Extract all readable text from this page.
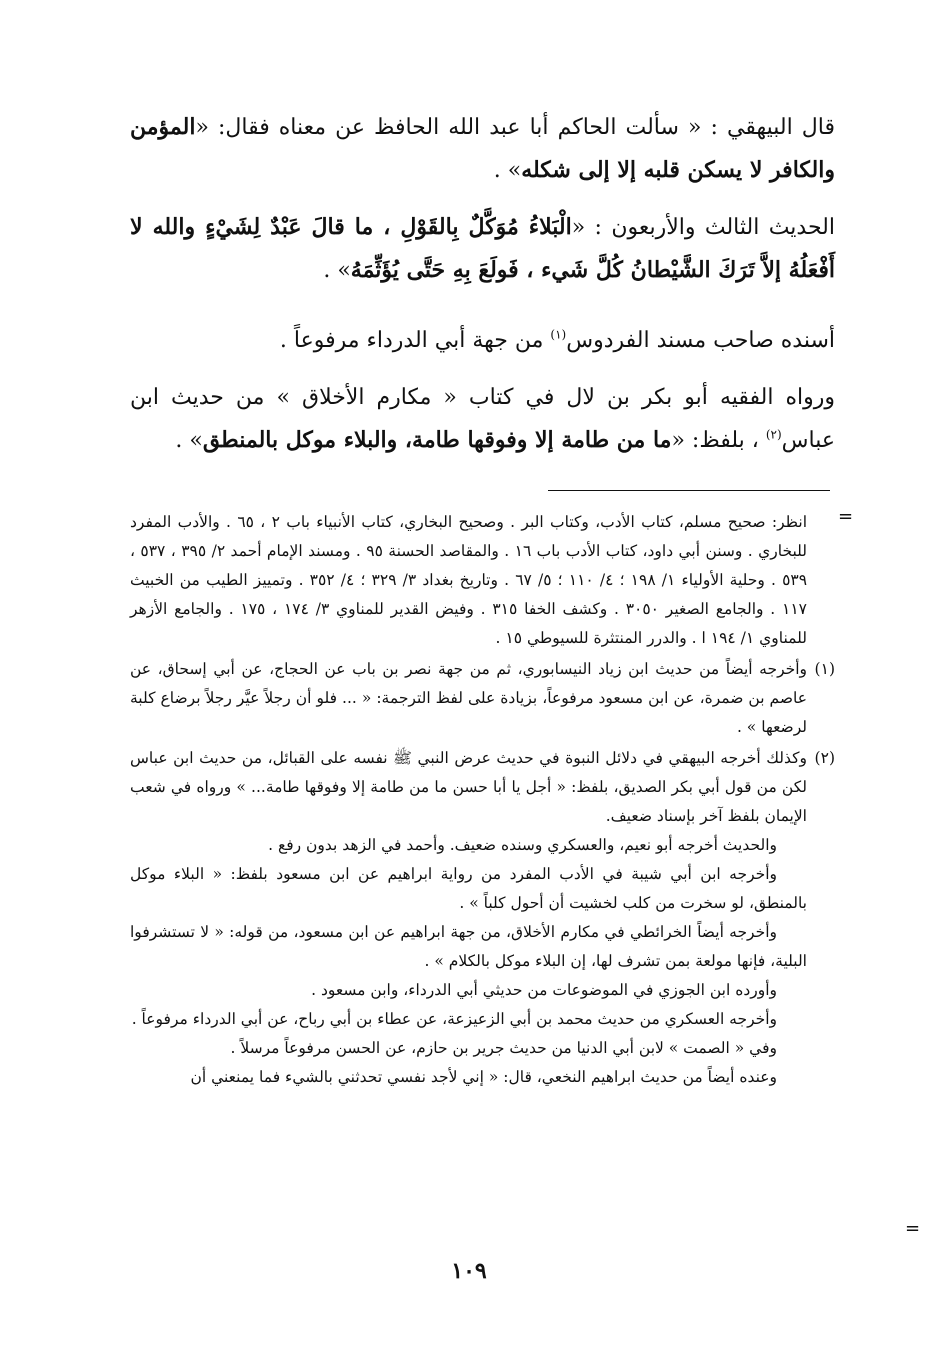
قال البيهقي : « سألت الحاكم أبا عبد الله الحافظ عن معناه فقال: «المؤمن والكافر لا يسكن قلبه إلا إلى شكله» .
الحديث الثالث والأربعون : «الْبَلاءُ مُوَكَّلٌ بِالقَوْلِ ، ما قالَ عَبْدٌ لِشَيْءٍ والله لا أَفْعَلُهُ إلاَّ تَرَكَ الشَّيْطانُ كُلَّ شَيء ، فَولَعَ بِهِ حَتَّى يُؤَثِّمَهُ» .
أسنده صاحب مسند الفردوس$^{(١)}$ من جهة أبي الدرداء مرفوعاً .
ورواه الفقيه أبو بكر بن لال في كتاب « مكارم الأخلاق » من حديث ابن عباس$^{(٢)}$ ، بلفظ: «ما من طامة إلا وفوقها طامة، والبلاء موكل بالمنطق» .
=

انظر: صحيح مسلم، كتاب الأدب، وكتاب البر . وصحيح البخاري، كتاب الأنبياء باب ٢ ، ٦٥ . والأدب المفرد للبخاري . وسنن أبي داود، كتاب الأدب باب ١٦ . والمقاصد الحسنة ٩٥ . ومسند الإمام أحمد ٢/ ٣٩٥ ، ٥٣٧ ، ٥٣٩ . وحلية الأولياء ١/ ١٩٨ ؛ ٤/ ١١٠ ؛ ٥/ ٦٧ . وتاريخ بغداد ٣/ ٣٢٩ ؛ ٤/ ٣٥٢ . وتمييز الطيب من الخبيث ١١٧ . والجامع الصغير ٣٠٥٠ . وكشف الخفا ٣١٥ . وفيض القدير للمناوي ٣/ ١٧٤ ، ١٧٥ . والجامع الأزهر للمناوي ١/ ١٩٤ ا . والدرر المنتثرة للسيوطي ١٥ .

(١)وأخرجه أيضاً من حديث ابن زياد النيسابوري، ثم من جهة نصر بن باب عن الحجاج، عن أبي إسحاق، عن عاصم بن ضمرة، عن ابن مسعود مرفوعاً، بزيادة على لفظ الترجمة: « ... فلو أن رجلاً عيَّر رجلاً برضاع كلبة لرضعها » .

(٢)وكذلك أخرجه البيهقي في دلائل النبوة في حديث عرض النبي ﷺ نفسه على القبائل، من حديث ابن عباس لكن من قول أبي بكر الصديق، بلفظ: « أجل يا أبا حسن ما من طامة إلا وفوقها طامة... » ورواه في شعب الإيمان بلفظ آخر بإسناد ضعيف.

والحديث أخرجه أبو نعيم، والعسكري وسنده ضعيف. وأحمد في الزهد بدون رفع .

وأخرجه ابن أبي شيبة في الأدب المفرد من رواية ابراهيم عن ابن مسعود بلفظ: « البلاء موكل بالمنطق، لو سخرت من كلب لخشيت أن أحول كلباً » .

وأخرجه أيضاً الخرائطي في مكارم الأخلاق، من جهة ابراهيم عن ابن مسعود، من قوله: « لا تستشرفوا البلية، فإنها مولعة بمن تشرف لها، إن البلاء موكل بالكلام » .

وأورده ابن الجوزي في الموضوعات من حديثي أبي الدرداء، وابن مسعود .

وأخرجه العسكري من حديث محمد بن أبي الزعيزعة، عن عطاء بن أبي رباح، عن أبي الدرداء مرفوعاً .

وفي « الصمت » لابن أبي الدنيا من حديث جرير بن حازم، عن الحسن مرفوعاً مرسلاً .

وعنده أيضاً من حديث ابراهيم النخعي، قال: « إني لأجد نفسي تحدثني بالشيء فما يمنعني أن

=
١٠٩
